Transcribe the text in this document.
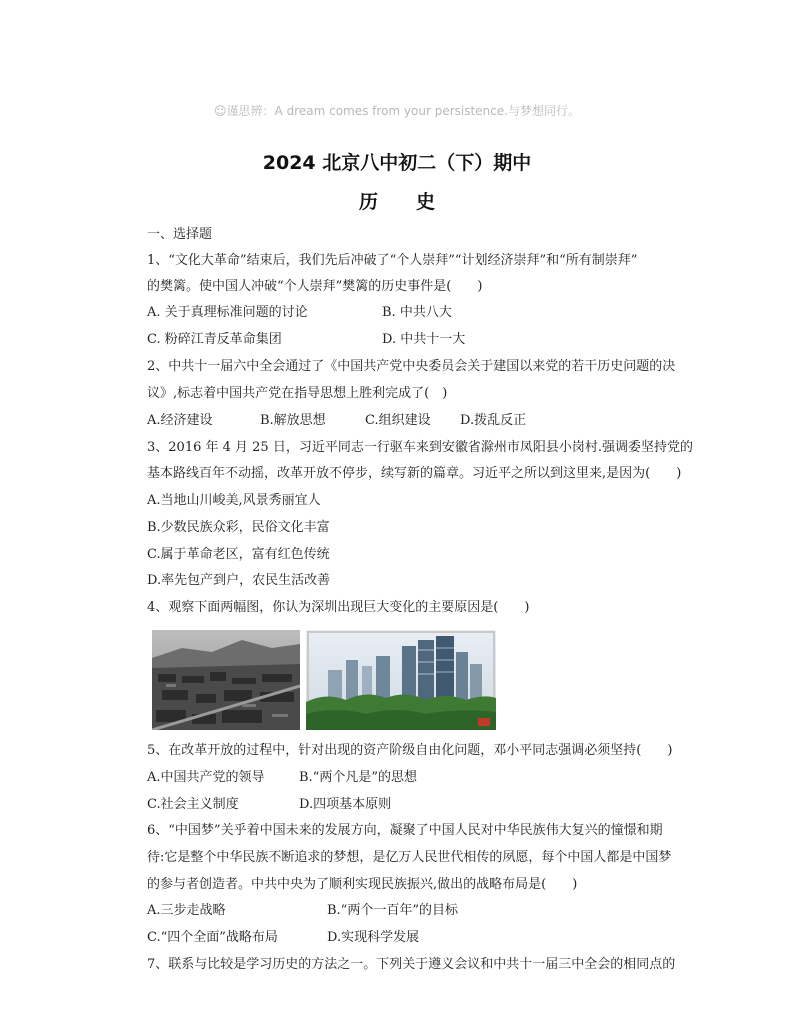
☺谨思辨：A dream comes from your persistence.与梦想同行。
2024 北京八中初二（下）期中
历　　史
一、选择题
1、“文化大革命”结束后，我们先后冲破了“个人崇拜”“计划经济崇拜”和“所有制崇拜”
的樊篱。使中国人冲破“个人崇拜”樊篱的历史事件是(　　)
A. 关于真理标准问题的讨论	B. 中共八大
C. 粉碎江青反革命集团	D. 中共十一大
2、中共十一届六中全会通过了《中国共产党中央委员会关于建国以来党的若干历史问题的决
议》,标志着中国共产党在指导思想上胜利完成了(　)
A.经济建设	B.解放思想	C.组织建设 D.拨乱反正
3、2016 年 4 月 25 日，习近平同志一行驱车来到安徽省滁州市凤阳县小岗村.强调委坚持党的
基本路线百年不动摇，改革开放不停步，续写新的篇章。习近平之所以到这里来,是因为(　　)
A.当地山川峻美,风景秀丽宜人
B.少数民族众彩，民俗文化丰富
C.属于革命老区，富有红色传统
D.率先包产到户，农民生活改善
4、观察下面两幅图，你认为深圳出现巨大变化的主要原因是(　　)
5、在改革开放的过程中，针对出现的资产阶级自由化问题，邓小平同志强调必须坚持(　　)
A.中国共产党的领导	B.“两个凡是”的思想
C.社会主义制度	D.四项基本原则
6、“中国梦”关乎着中国未来的发展方向，凝聚了中国人民对中华民族伟大复兴的憧憬和期
待:它是整个中华民族不断追求的梦想，是亿万人民世代相传的夙愿，每个中国人都是中国梦
的参与者创造者。中共中央为了顺利实现民族振兴,做出的战略布局是(　　)
A.三步走战略	B.“两个一百年”的目标
C.“四个全面”战略布局	D.实现科学发展
7、联系与比较是学习历史的方法之一。下列关于遵义会议和中共十一届三中全会的相同点的
